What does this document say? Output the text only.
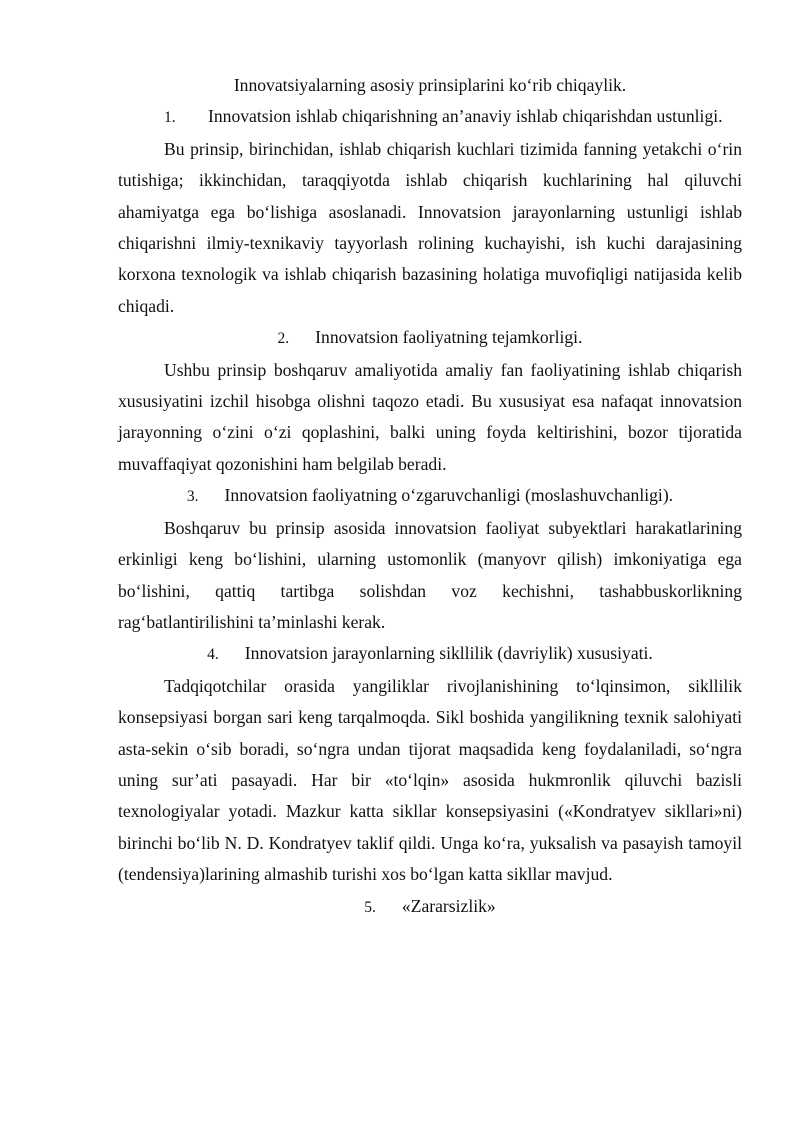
Innovatsiyalarning asosiy prinsiplarini ko‘rib chiqaylik.

1. Innovatsion ishlab chiqarishning an’anaviy ishlab chiqarishdan ustunligi.

Bu prinsip, birinchidan, ishlab chiqarish kuchlari tizimida fanning yetakchi o‘rin tutishiga; ikkinchidan, taraqqiyotda ishlab chiqarish kuchlarining hal qiluvchi ahamiyatga ega bo‘lishiga asoslanadi. Innovatsion jarayonlarning ustunligi ishlab chiqarishni ilmiy-texnikaviy tayyorlash rolining kuchayishi, ish kuchi darajasining korxona texnologik va ishlab chiqarish bazasining holatiga muvofiqligi natijasida kelib chiqadi.

2. Innovatsion faoliyatning tejamkorligi.

Ushbu prinsip boshqaruv amaliyotida amaliy fan faoliyatining ishlab chiqarish xususiyatini izchil hisobga olishni taqozo etadi. Bu xususiyat esa nafaqat innovatsion jarayonning o‘zini o‘zi qoplashini, balki uning foyda keltirishini, bozor tijoratida muvaffaqiyat qozonishini ham belgilab beradi.

3. Innovatsion faoliyatning o‘zgaruvchanligi (moslashuvchanligi).

Boshqaruv bu prinsip asosida innovatsion faoliyat subyektlari harakatlarining erkinligi keng bo‘lishini, ularning ustomonlik (manyovr qilish) imkoniyatiga ega bo‘lishini, qattiq tartibga solishdan voz kechishni, tashabbuskorlikning rag‘batlantirilishini ta’minlashi kerak.

4. Innovatsion jarayonlarning sikllilik (davriylik) xususiyati.

Tadqiqotchilar orasida yangiliklar rivojlanishining to‘lqinsimon, sikllilik konsepsiyasi borgan sari keng tarqalmoqda. Sikl boshida yangilikning texnik salohiyati asta-sekin o‘sib boradi, so‘ngra undan tijorat maqsadida keng foydalaniladi, so‘ngra uning sur’ati pasayadi. Har bir «to‘lqin» asosida hukmronlik qiluvchi bazisli texnologiyalar yotadi. Mazkur katta sikllar konsepsiyasini («Kondratyev sikllari»ni) birinchi bo‘lib N. D. Kondratyev taklif qildi. Unga ko‘ra, yuksalish va pasayish tamoyil (tendensiya)larining almashib turishi xos bo‘lgan katta sikllar mavjud.

5. «Zararsizlik»
